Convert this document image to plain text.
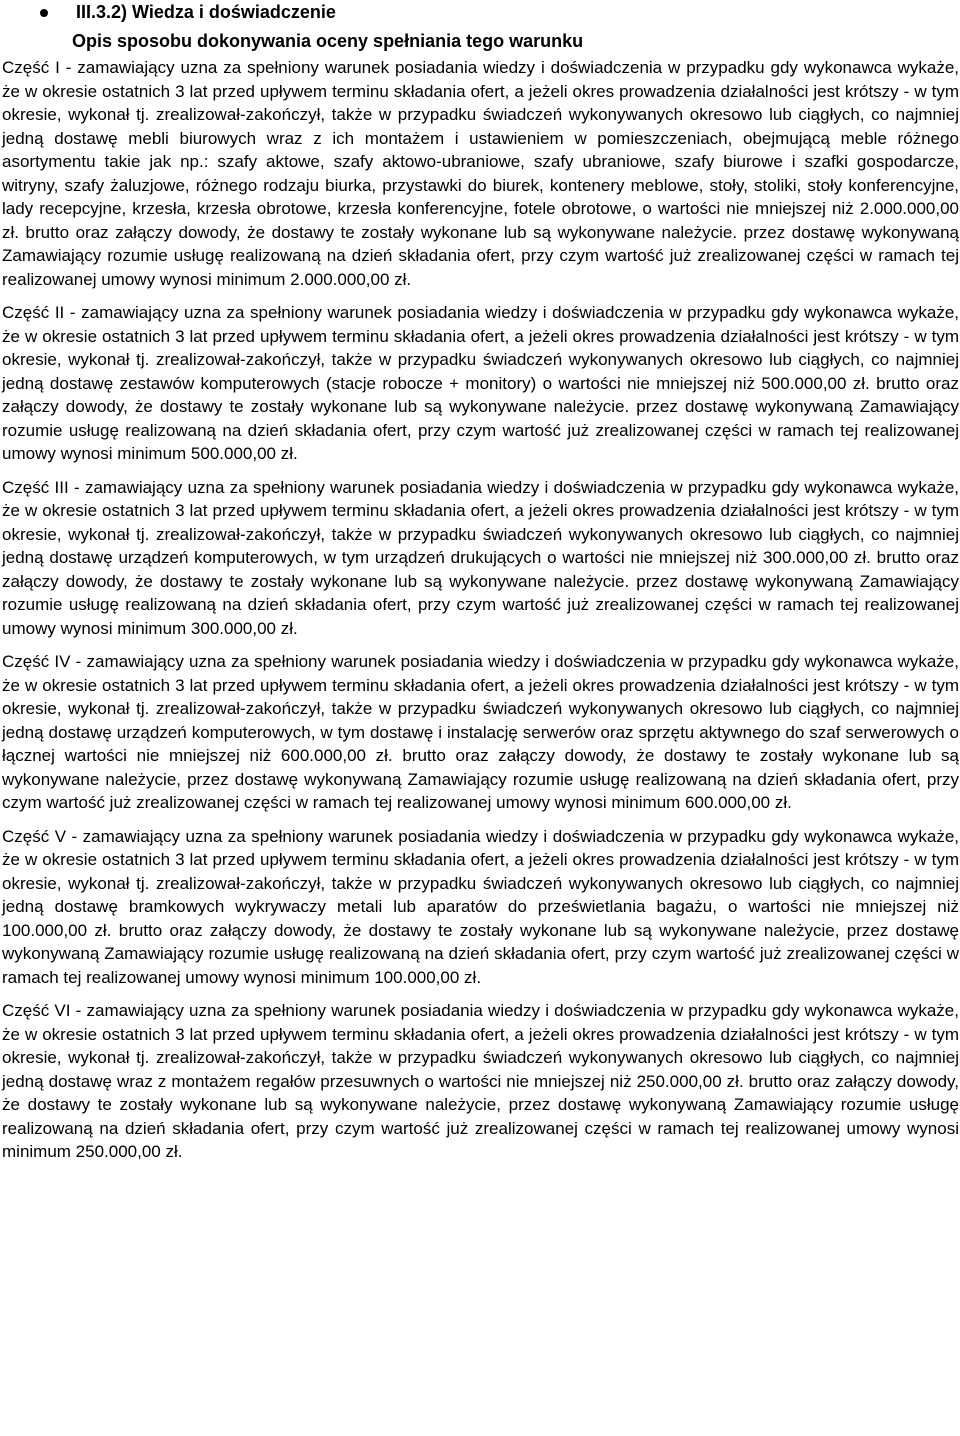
III.3.2) Wiedza i doświadczenie
Opis sposobu dokonywania oceny spełniania tego warunku

Część I - zamawiający uzna za spełniony warunek posiadania wiedzy i doświadczenia w przypadku gdy wykonawca wykaże, że w okresie ostatnich 3 lat przed upływem terminu składania ofert, a jeżeli okres prowadzenia działalności jest krótszy - w tym okresie, wykonał tj. zrealizował-zakończył, także w przypadku świadczeń wykonywanych okresowo lub ciągłych, co najmniej jedną dostawę mebli biurowych wraz z ich montażem i ustawieniem w pomieszczeniach, obejmującą meble różnego asortymentu takie jak np.: szafy aktowe, szafy aktowo-ubraniowe, szafy ubraniowe, szafy biurowe i szafki gospodarcze, witryny, szafy żaluzjowe, różnego rodzaju biurka, przystawki do biurek, kontenery meblowe, stoły, stoliki, stoły konferencyjne, lady recepcyjne, krzesła, krzesła obrotowe, krzesła konferencyjne, fotele obrotowe, o wartości nie mniejszej niż 2.000.000,00 zł. brutto oraz załączy dowody, że dostawy te zostały wykonane lub są wykonywane należycie. przez dostawę wykonywaną Zamawiający rozumie usługę realizowaną na dzień składania ofert, przy czym wartość już zrealizowanej części w ramach tej realizowanej umowy wynosi minimum 2.000.000,00 zł.

Część II - zamawiający uzna za spełniony warunek posiadania wiedzy i doświadczenia w przypadku gdy wykonawca wykaże, że w okresie ostatnich 3 lat przed upływem terminu składania ofert, a jeżeli okres prowadzenia działalności jest krótszy - w tym okresie, wykonał tj. zrealizował-zakończył, także w przypadku świadczeń wykonywanych okresowo lub ciągłych, co najmniej jedną dostawę zestawów komputerowych (stacje robocze + monitory) o wartości nie mniejszej niż 500.000,00 zł. brutto oraz załączy dowody, że dostawy te zostały wykonane lub są wykonywane należycie. przez dostawę wykonywaną Zamawiający rozumie usługę realizowaną na dzień składania ofert, przy czym wartość już zrealizowanej części w ramach tej realizowanej umowy wynosi minimum 500.000,00 zł.

Część III - zamawiający uzna za spełniony warunek posiadania wiedzy i doświadczenia w przypadku gdy wykonawca wykaże, że w okresie ostatnich 3 lat przed upływem terminu składania ofert, a jeżeli okres prowadzenia działalności jest krótszy - w tym okresie, wykonał tj. zrealizował-zakończył, także w przypadku świadczeń wykonywanych okresowo lub ciągłych, co najmniej jedną dostawę urządzeń komputerowych, w tym urządzeń drukujących o wartości nie mniejszej niż 300.000,00 zł. brutto oraz załączy dowody, że dostawy te zostały wykonane lub są wykonywane należycie. przez dostawę wykonywaną Zamawiający rozumie usługę realizowaną na dzień składania ofert, przy czym wartość już zrealizowanej części w ramach tej realizowanej umowy wynosi minimum 300.000,00 zł.

Część IV - zamawiający uzna za spełniony warunek posiadania wiedzy i doświadczenia w przypadku gdy wykonawca wykaże, że w okresie ostatnich 3 lat przed upływem terminu składania ofert, a jeżeli okres prowadzenia działalności jest krótszy - w tym okresie, wykonał tj. zrealizował-zakończył, także w przypadku świadczeń wykonywanych okresowo lub ciągłych, co najmniej jedną dostawę urządzeń komputerowych, w tym dostawę i instalację serwerów oraz sprzętu aktywnego do szaf serwerowych o łącznej wartości nie mniejszej niż 600.000,00 zł. brutto oraz załączy dowody, że dostawy te zostały wykonane lub są wykonywane należycie, przez dostawę wykonywaną Zamawiający rozumie usługę realizowaną na dzień składania ofert, przy czym wartość już zrealizowanej części w ramach tej realizowanej umowy wynosi minimum 600.000,00 zł.

Część V - zamawiający uzna za spełniony warunek posiadania wiedzy i doświadczenia w przypadku gdy wykonawca wykaże, że w okresie ostatnich 3 lat przed upływem terminu składania ofert, a jeżeli okres prowadzenia działalności jest krótszy - w tym okresie, wykonał tj. zrealizował-zakończył, także w przypadku świadczeń wykonywanych okresowo lub ciągłych, co najmniej jedną dostawę bramkowych wykrywaczy metali lub aparatów do prześwietlania bagażu, o wartości nie mniejszej niż 100.000,00 zł. brutto oraz załączy dowody, że dostawy te zostały wykonane lub są wykonywane należycie, przez dostawę wykonywaną Zamawiający rozumie usługę realizowaną na dzień składania ofert, przy czym wartość już zrealizowanej części w ramach tej realizowanej umowy wynosi minimum 100.000,00 zł.

Część VI - zamawiający uzna za spełniony warunek posiadania wiedzy i doświadczenia w przypadku gdy wykonawca wykaże, że w okresie ostatnich 3 lat przed upływem terminu składania ofert, a jeżeli okres prowadzenia działalności jest krótszy - w tym okresie, wykonał tj. zrealizował-zakończył, także w przypadku świadczeń wykonywanych okresowo lub ciągłych, co najmniej jedną dostawę wraz z montażem regałów przesuwnych o wartości nie mniejszej niż 250.000,00 zł. brutto oraz załączy dowody, że dostawy te zostały wykonane lub są wykonywane należycie, przez dostawę wykonywaną Zamawiający rozumie usługę realizowaną na dzień składania ofert, przy czym wartość już zrealizowanej części w ramach tej realizowanej umowy wynosi minimum 250.000,00 zł.
